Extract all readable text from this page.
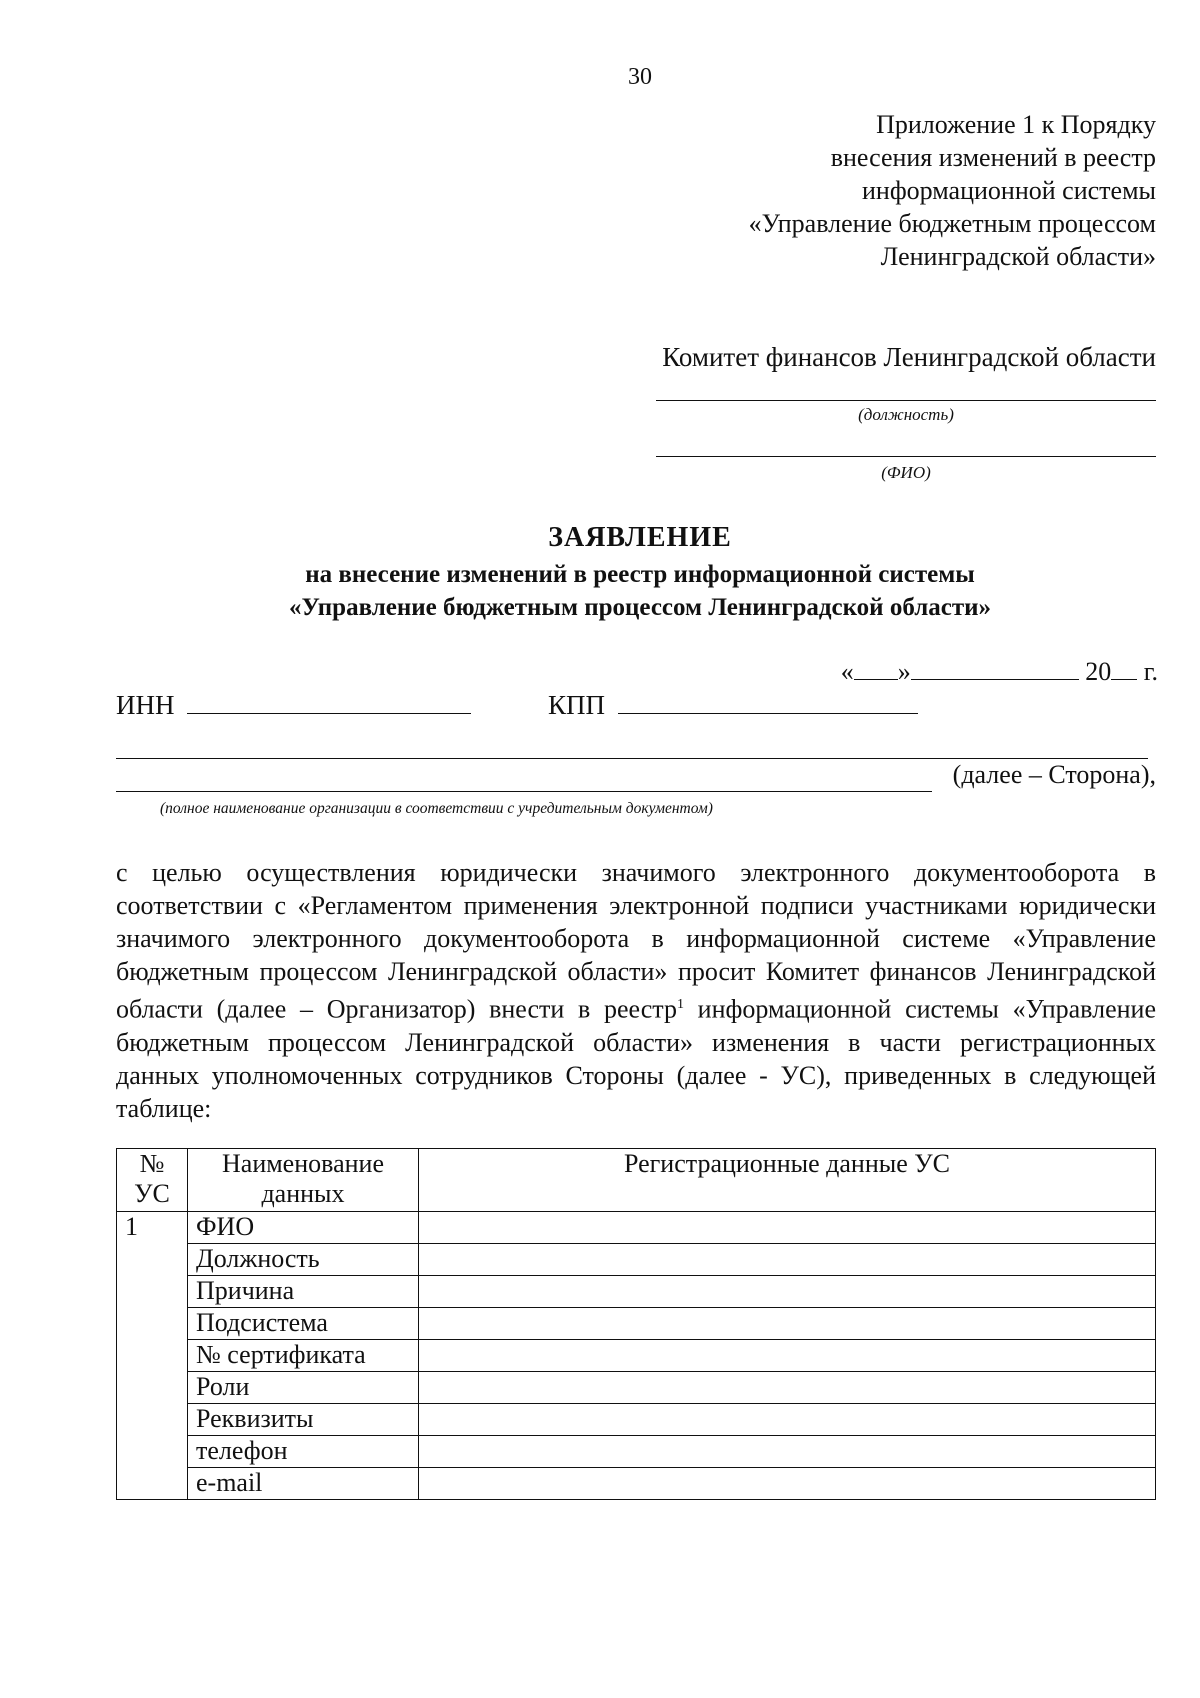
30
Приложение 1 к Порядку
внесения изменений в реестр
информационной системы
«Управление бюджетным процессом
Ленинградской области»
Комитет финансов Ленинградской области
(должность)
(ФИО)
ЗАЯВЛЕНИЕ
на внесение изменений в реестр информационной системы
«Управление бюджетным процессом Ленинградской области»
« »	20 г.
ИНН	КПП
(далее – Сторона),
(полное наименование организации в соответствии с учредительным документом)
с целью осуществления юридически значимого электронного документооборота в соответствии с «Регламентом применения электронной подписи участниками юридически значимого электронного документооборота в информационной системе «Управление бюджетным процессом Ленинградской области» просит Комитет финансов Ленинградской области (далее – Организатор) внести в реестр$^1$ информационной системы «Управление бюджетным процессом Ленинградской области» изменения в части регистрационных данных уполномоченных сотрудников Стороны (далее - УС), приведенных в следующей таблице:
№ УС	Наименование данных	Регистрационные данные УС
1	ФИО	
	Должность	
	Причина	
	Подсистема	
	№ сертификата	
	Роли	
	Реквизиты	
	телефон	
	e-mail	
